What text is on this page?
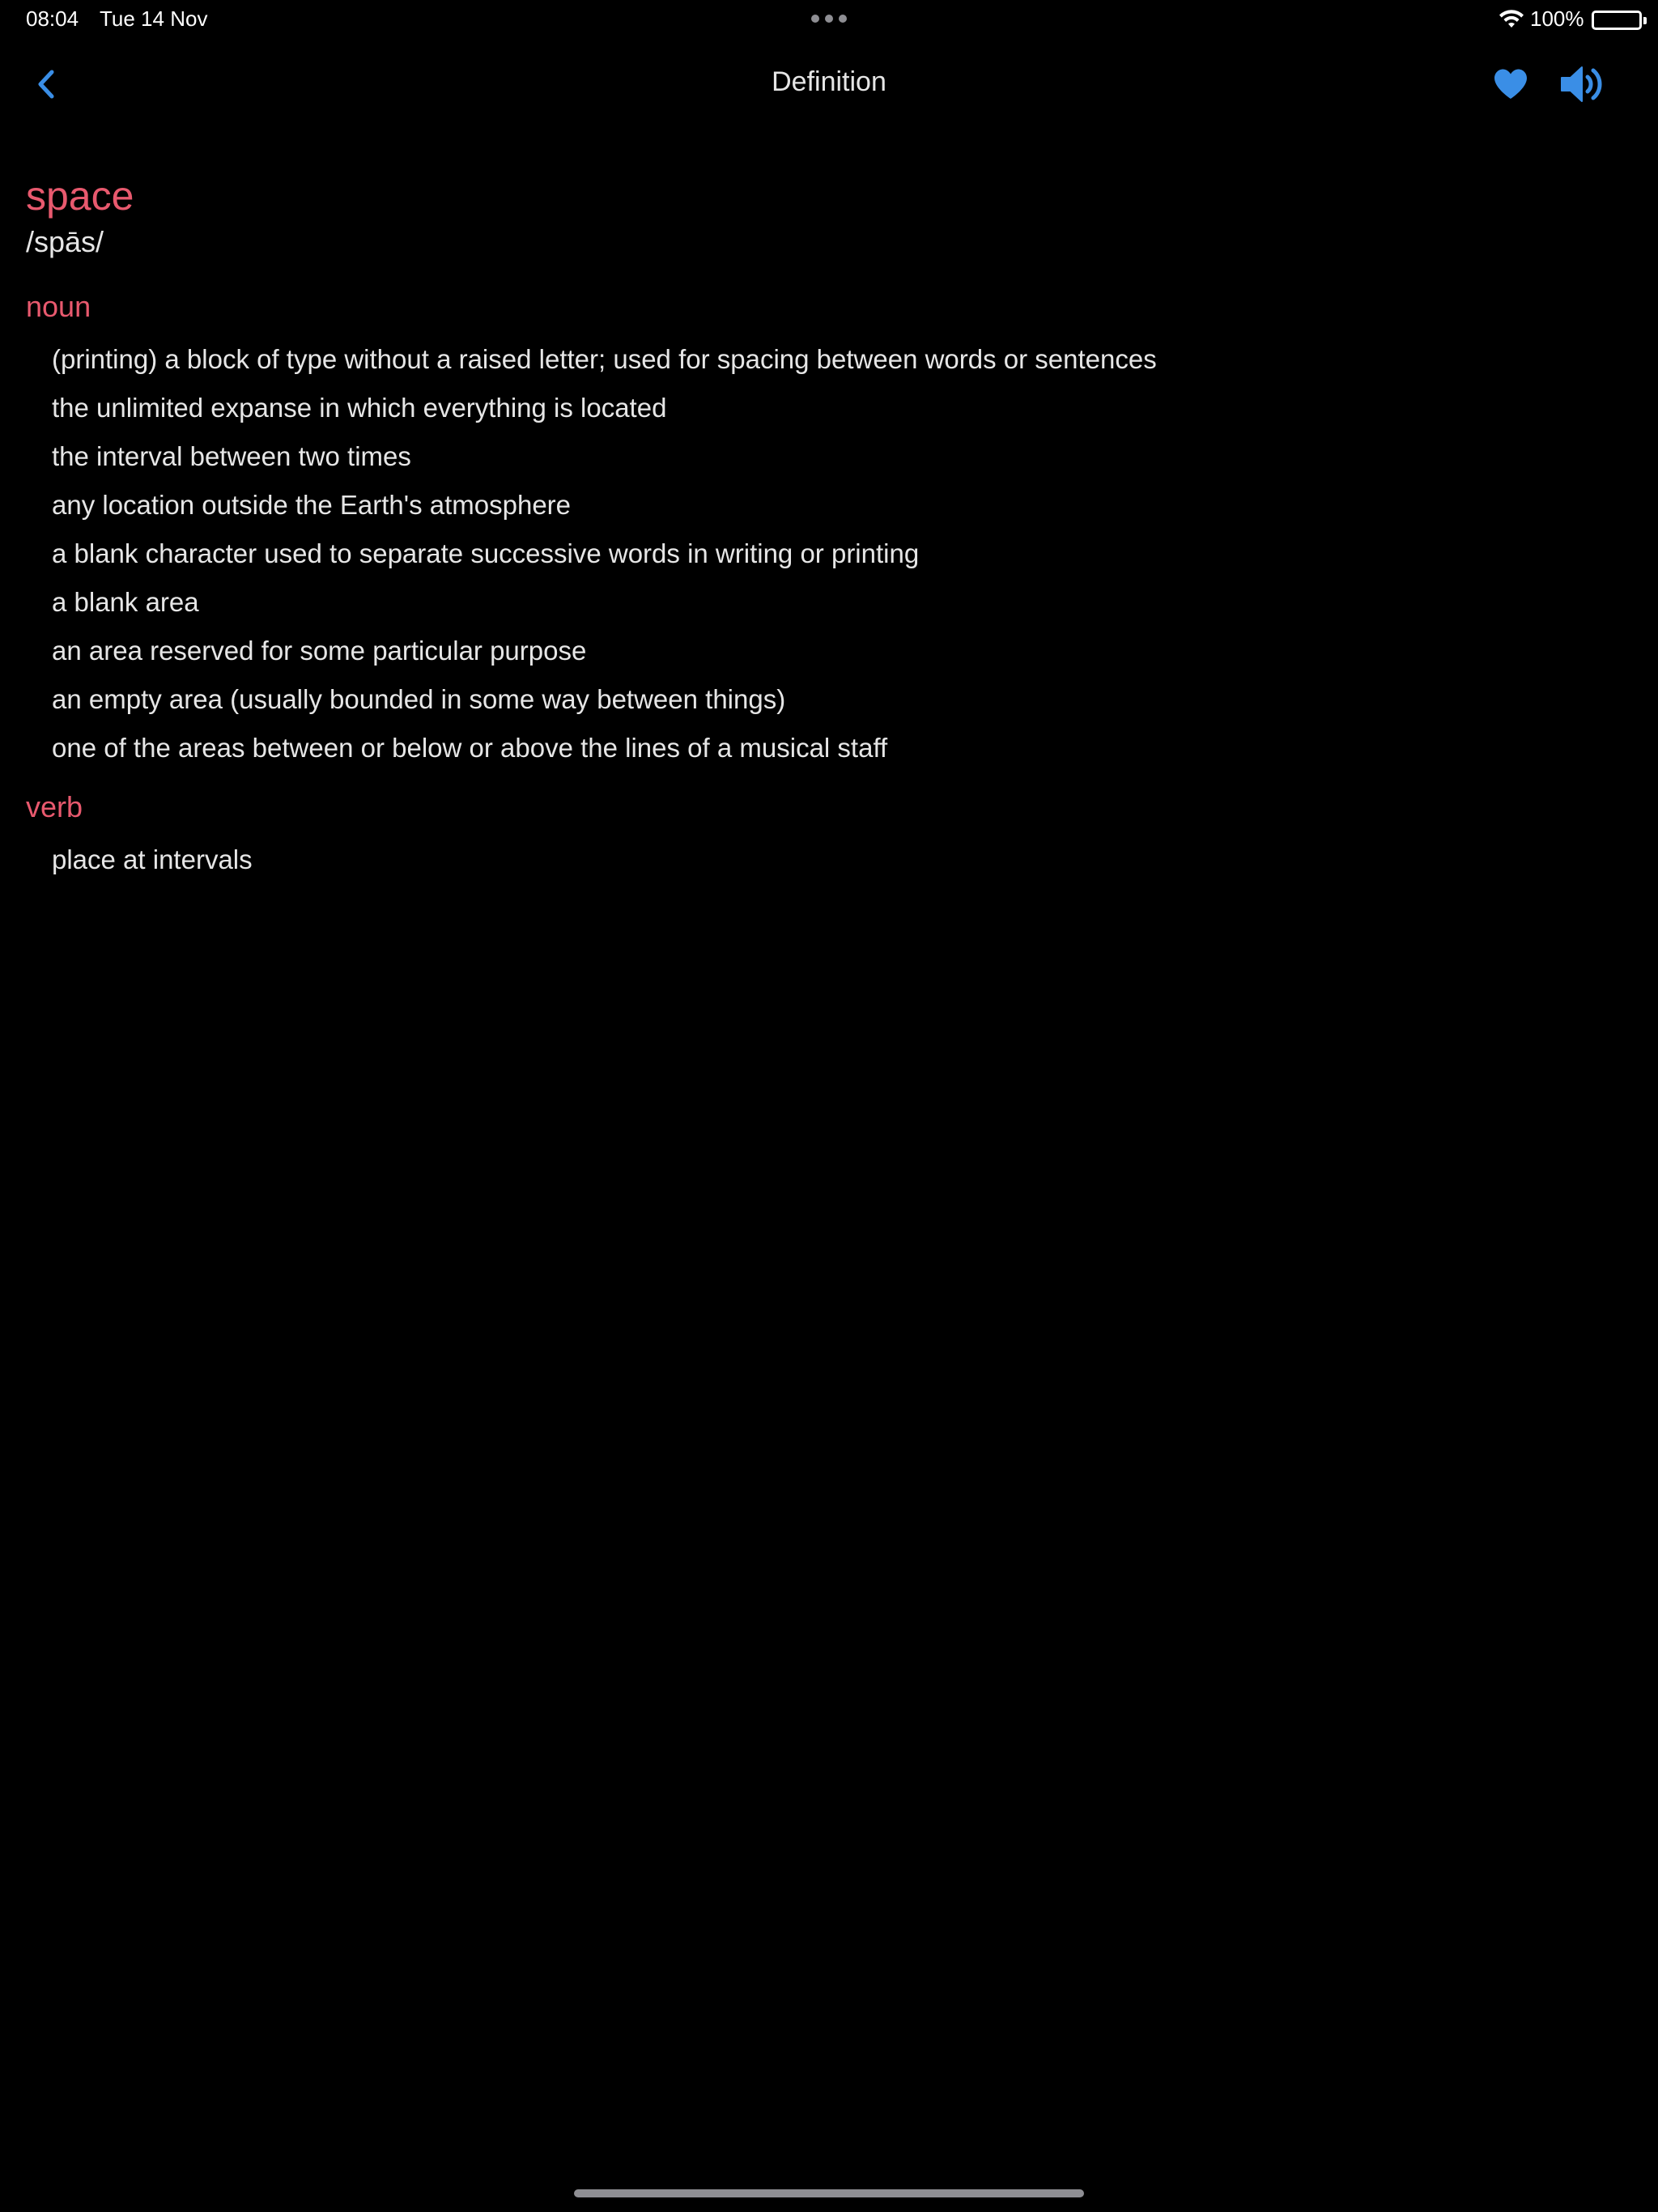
08:04 Tue 14 Nov	100%
Definition
space
/spās/
noun
(printing) a block of type without a raised letter; used for spacing between words or sentences
the unlimited expanse in which everything is located
the interval between two times
any location outside the Earth's atmosphere
a blank character used to separate successive words in writing or printing
a blank area
an area reserved for some particular purpose
an empty area (usually bounded in some way between things)
one of the areas between or below or above the lines of a musical staff
verb
place at intervals
